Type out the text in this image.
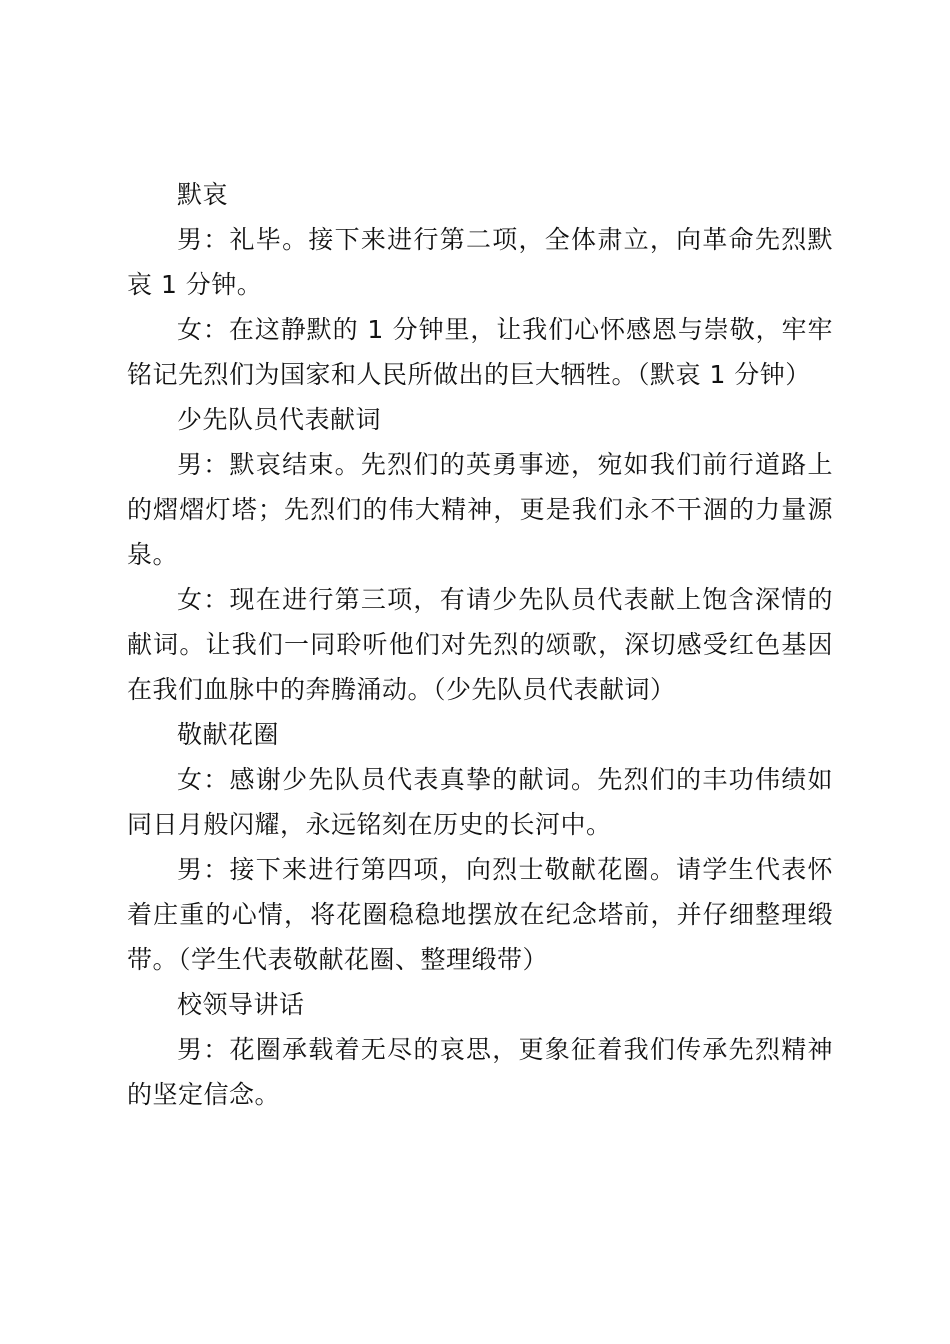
默哀

男：礼毕。接下来进行第二项，全体肃立，向革命先烈默哀 1 分钟。

女：在这静默的 1 分钟里，让我们心怀感恩与崇敬，牢牢铭记先烈们为国家和人民所做出的巨大牺牲。（默哀 1 分钟）

少先队员代表献词

男：默哀结束。先烈们的英勇事迹，宛如我们前行道路上的熠熠灯塔；先烈们的伟大精神，更是我们永不干涸的力量源泉。

女：现在进行第三项，有请少先队员代表献上饱含深情的献词。让我们一同聆听他们对先烈的颂歌，深切感受红色基因在我们血脉中的奔腾涌动。（少先队员代表献词）

敬献花圈

女：感谢少先队员代表真挚的献词。先烈们的丰功伟绩如同日月般闪耀，永远铭刻在历史的长河中。

男：接下来进行第四项，向烈士敬献花圈。请学生代表怀着庄重的心情，将花圈稳稳地摆放在纪念塔前，并仔细整理缎带。（学生代表敬献花圈、整理缎带）

校领导讲话

男：花圈承载着无尽的哀思，更象征着我们传承先烈精神的坚定信念。
